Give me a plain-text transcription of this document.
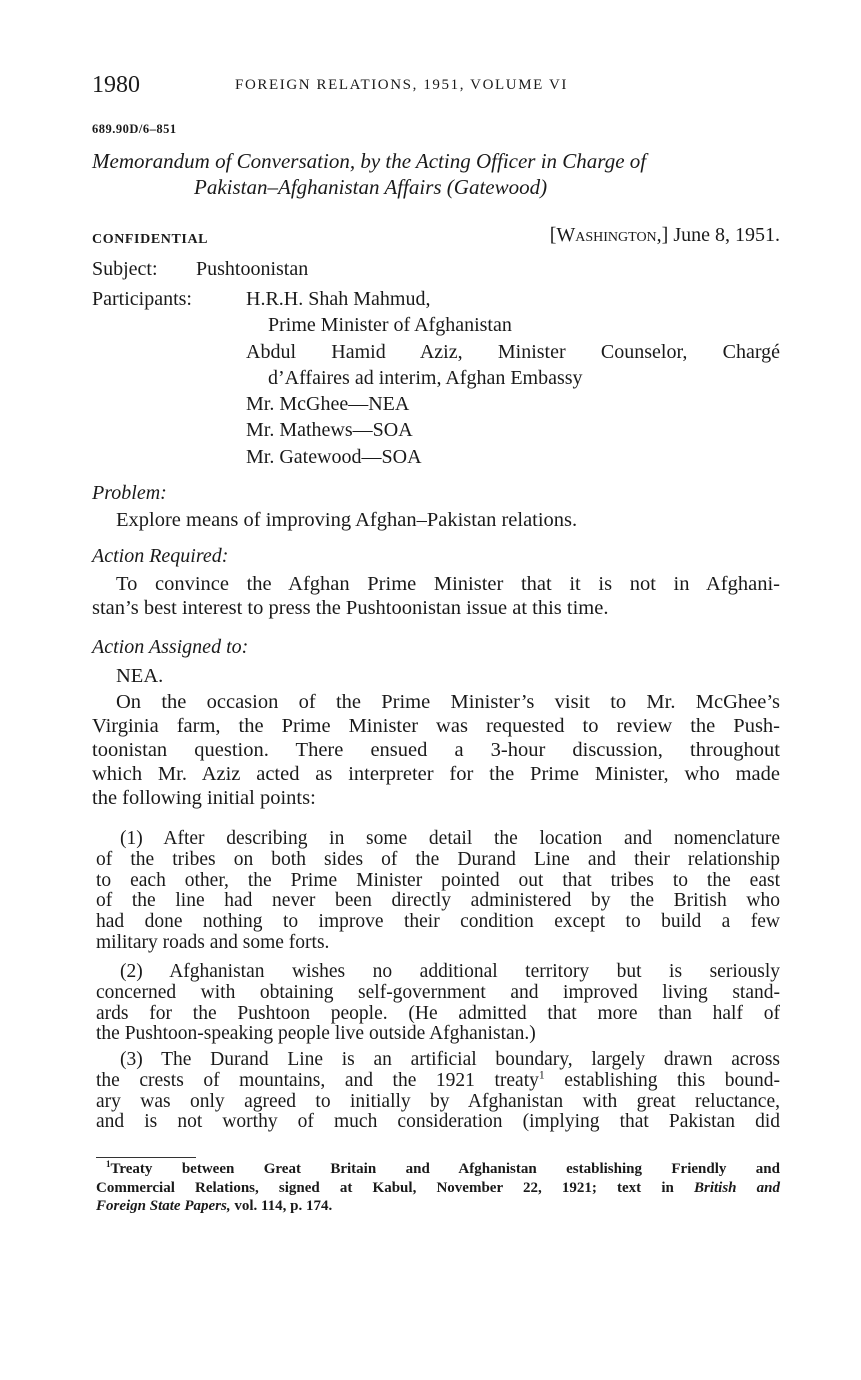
1980	FOREIGN RELATIONS, 1951, VOLUME VI
689.90D/6–851
Memorandum of Conversation, by the Acting Officer in Charge of
Pakistan–Afghanistan Affairs (Gatewood)
CONFIDENTIAL	[Washington,] June 8, 1951.
Subject: Pushtoonistan
Participants:	H.R.H. Shah Mahmud,
Prime Minister of Afghanistan
Abdul Hamid Aziz, Minister Counselor, Chargé
d’Affaires ad interim, Afghan Embassy
Mr. McGhee—NEA
Mr. Mathews—SOA
Mr. Gatewood—SOA
Problem:
Explore means of improving Afghan–Pakistan relations.
Action Required:
To convince the Afghan Prime Minister that it is not in Afghani-
stan’s best interest to press the Pushtoonistan issue at this time.
Action Assigned to:
NEA.
On the occasion of the Prime Minister’s visit to Mr. McGhee’s
Virginia farm, the Prime Minister was requested to review the Push-
toonistan question. There ensued a 3-hour discussion, throughout
which Mr. Aziz acted as interpreter for the Prime Minister, who made
the following initial points:
(1) After describing in some detail the location and nomenclature
of the tribes on both sides of the Durand Line and their relationship
to each other, the Prime Minister pointed out that tribes to the east
of the line had never been directly administered by the British who
had done nothing to improve their condition except to build a few
military roads and some forts.
(2) Afghanistan wishes no additional territory but is seriously
concerned with obtaining self-government and improved living stand-
ards for the Pushtoon people. (He admitted that more than half of
the Pushtoon-speaking people live outside Afghanistan.)
(3) The Durand Line is an artificial boundary, largely drawn across
the crests of mountains, and the 1921 treaty$^1$ establishing this bound-
ary was only agreed to initially by Afghanistan with great reluctance,
and is not worthy of much consideration (implying that Pakistan did
$^1$Treaty between Great Britain and Afghanistan establishing Friendly and
Commercial Relations, signed at Kabul, November 22, 1921; text in British and
Foreign State Papers, vol. 114, p. 174.
